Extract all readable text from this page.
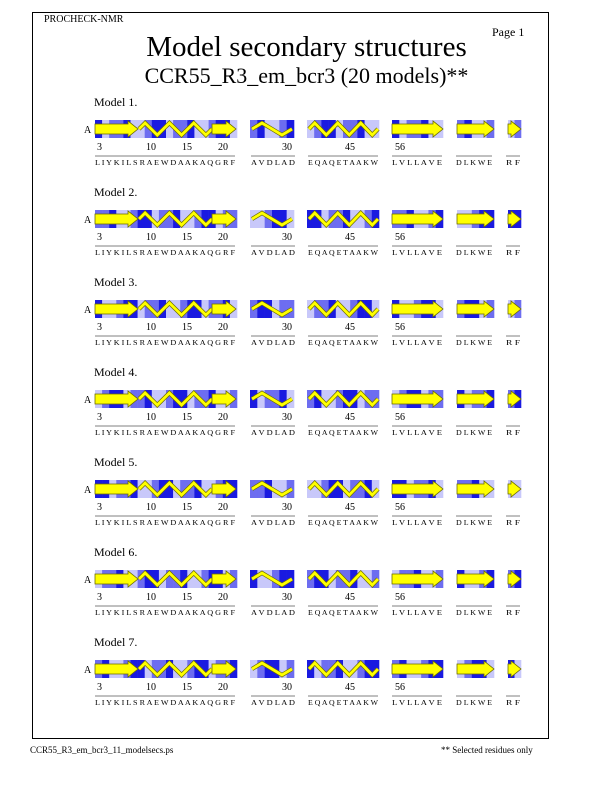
PROCHECK-NMR
Page 1
Model secondary structures
CCR55_R3_em_bcr3 (20 models)**
Model 1.
A
3	10	15	20	30	45	56
L I Y K I L S R A E W D A A K A Q G R F A V D L A D E Q A Q E T A A K W L V L L A V E D L K W E R F
Model 2.
A
3	10	15	20	30	45	56
L I Y K I L S R A E W D A A K A Q G R F A V D L A D E Q A Q E T A A K W L V L L A V E D L K W E R F
Model 3.
A
3	10	15	20	30	45	56
L I Y K I L S R A E W D A A K A Q G R F A V D L A D E Q A Q E T A A K W L V L L A V E D L K W E R F
Model 4.
A
3	10	15	20	30	45	56
L I Y K I L S R A E W D A A K A Q G R F A V D L A D E Q A Q E T A A K W L V L L A V E D L K W E R F
Model 5.
A
3	10	15	20	30	45	56
L I Y K I L S R A E W D A A K A Q G R F A V D L A D E Q A Q E T A A K W L V L L A V E D L K W E R F
Model 6.
A
3	10	15	20	30	45	56
L I Y K I L S R A E W D A A K A Q G R F A V D L A D E Q A Q E T A A K W L V L L A V E D L K W E R F
Model 7.
A
3	10	15	20	30	45	56
L I Y K I L S R A E W D A A K A Q G R F A V D L A D E Q A Q E T A A K W L V L L A V E D L K W E R F
CCR55_R3_em_bcr3_11_modelsecs.ps	** Selected residues only
